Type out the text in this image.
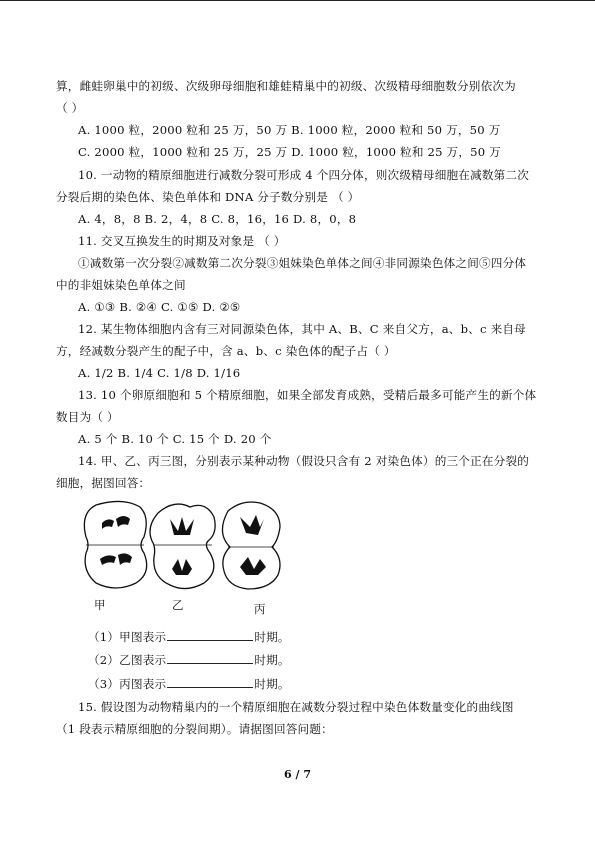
算，雌蛙卵巢中的初级、次级卵母细胞和雄蛙精巢中的初级、次级精母细胞数分别依次为
（ ）
A. 1000 粒，2000 粒和 25 万，50 万 B. 1000 粒，2000 粒和 50 万，50 万
C. 2000 粒，1000 粒和 25 万，25 万 D. 1000 粒，1000 粒和 25 万，50 万
10. 一动物的精原细胞进行减数分裂可形成 4 个四分体，则次级精母细胞在减数第二次
分裂后期的染色体、染色单体和 DNA 分子数分别是 （ ）
A. 4，8，8 B. 2，4，8 C. 8，16，16 D. 8，0，8
11. 交叉互换发生的时期及对象是 （ ）
①减数第一次分裂②减数第二次分裂③姐妹染色单体之间④非同源染色体之间⑤四分体
中的非姐妹染色单体之间
A. ①③ B. ②④ C. ①⑤ D. ②⑤
12. 某生物体细胞内含有三对同源染色体，其中 A、B、C 来自父方，a、b、c 来自母
方，经减数分裂产生的配子中，含 a、b、c 染色体的配子占（ ）
A. 1/2 B. 1/4 C. 1/8 D. 1/16
13. 10 个卵原细胞和 5 个精原细胞，如果全部发育成熟，受精后最多可能产生的新个体
数目为（ ）
A. 5 个 B. 10 个 C. 15 个 D. 20 个
14. 甲、乙、丙三图，分别表示某种动物（假设只含有 2 对染色体）的三个正在分裂的
细胞，据图回答：
甲	乙	丙
（1）甲图表示	时期。
（2）乙图表示	时期。
（3）丙图表示	时期。
15. 假设图为动物精巢内的一个精原细胞在减数分裂过程中染色体数量变化的曲线图
（1 段表示精原细胞的分裂间期）。请据图回答问题：
6 / 7
